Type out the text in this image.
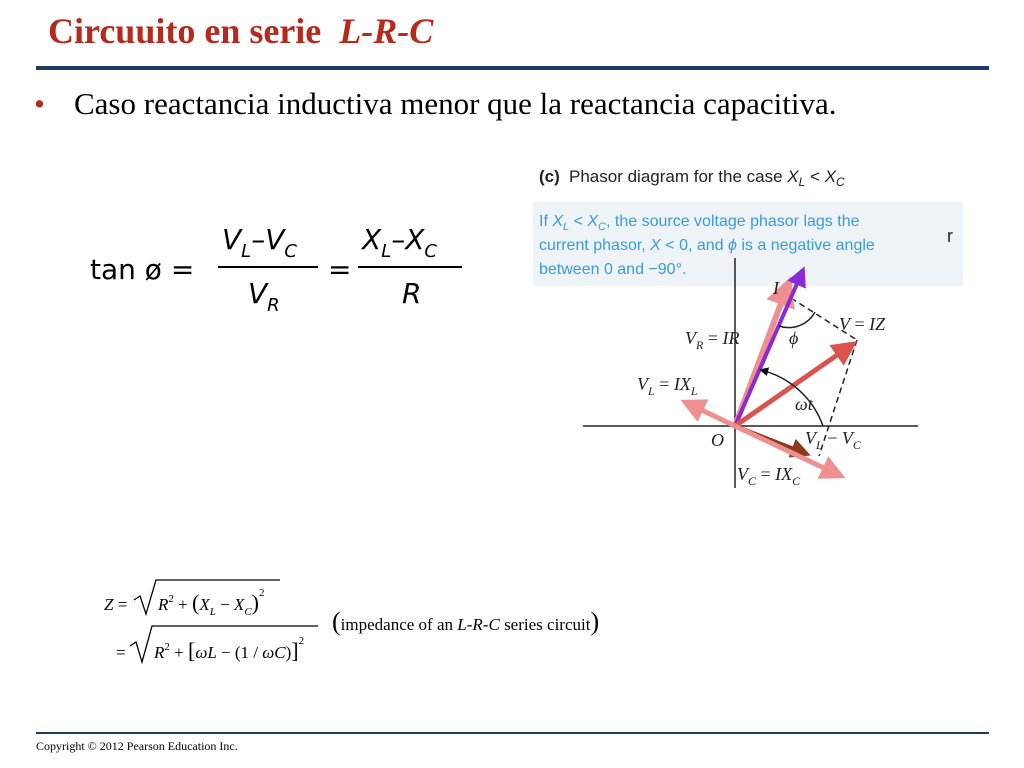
Circuuito en serie L-R-C
• Caso reactancia inductiva menor que la reactancia capacitiva.
tan ø =
$V_L-V_C$
$V_R$
=
$X_L-X_C$
R
(c) Phasor diagram for the case $X_L < X_C$
If $X_L < X_C$, the source voltage phasor lags the
current phasor, X < 0, and ϕ is a negative angle
between 0 and −90°.
r
I
$V_R$ = IR
V = IZ
ϕ
$V_L = IX_L$
ωt
O	$V_L - V_C$
$V_C = IX_C$
$Z = R^2 + (X_L - X_C)^2$
= $R^2 + [\omega L - (1 / \omega C)]^2$
(impedance of an L-R-C series circuit)
Copyright © 2012 Pearson Education Inc.
